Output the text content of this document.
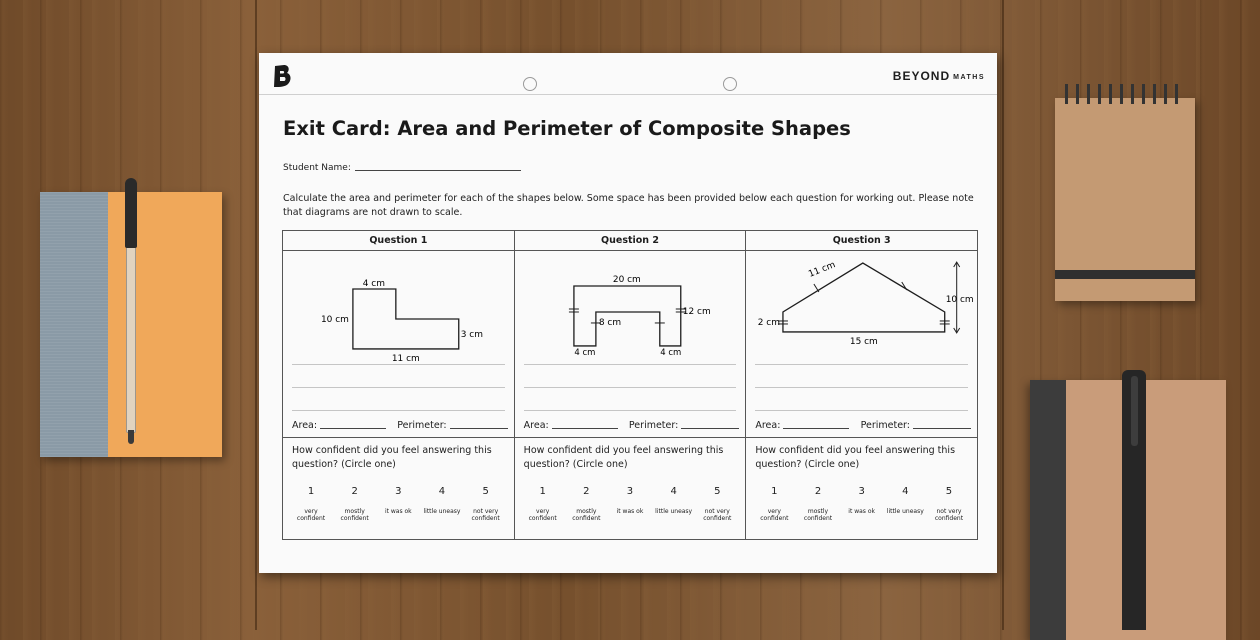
BEYOND MATHS
Exit Card: Area and Perimeter of Composite Shapes
Student Name:
Calculate the area and perimeter for each of the shapes below. Some space has been provided below each question for working out. Please note that diagrams are not drawn to scale.
Question 1
4 cm
10 cm
3 cm
11 cm
Area:	Perimeter:
How confident did you feel answering this question? (Circle one)
1
very confident
2
mostly confident
3
it was ok
4
little uneasy
5
not very confident
Question 2
20 cm
12 cm
8 cm
4 cm	4 cm
Area:	Perimeter:
How confident did you feel answering this question? (Circle one)
1
very confident
2
mostly confident
3
it was ok
4
little uneasy
5
not very confident
Question 3
11 cm
10 cm
2 cm
15 cm
Area:	Perimeter:
How confident did you feel answering this question? (Circle one)
1
very confident
2
mostly confident
3
it was ok
4
little uneasy
5
not very confident
